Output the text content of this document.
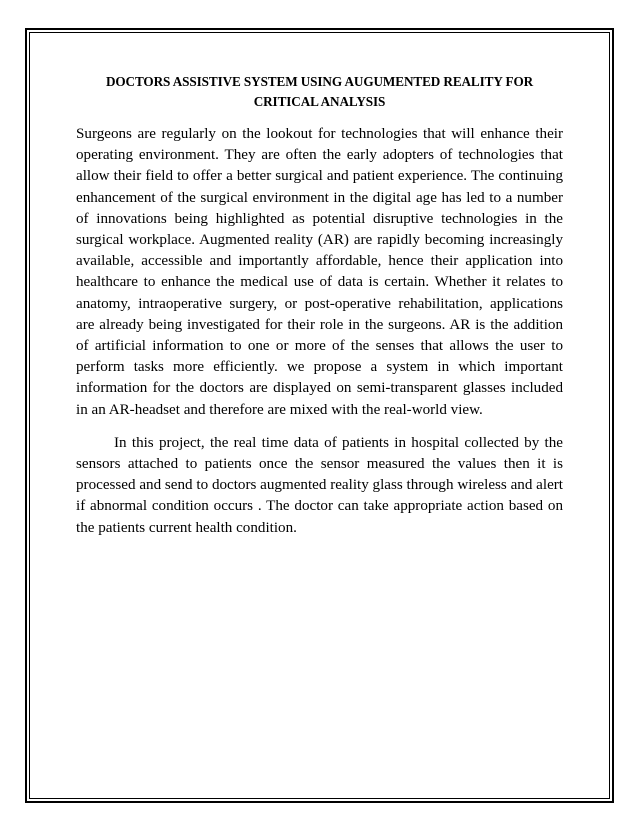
DOCTORS ASSISTIVE SYSTEM USING AUGUMENTED REALITY FOR CRITICAL ANALYSIS

Surgeons are regularly on the lookout for technologies that will enhance their operating environment. They are often the early adopters of technologies that allow their field to offer a better surgical and patient experience. The continuing enhancement of the surgical environment in the digital age has led to a number of innovations being highlighted as potential disruptive technologies in the surgical workplace. Augmented reality (AR) are rapidly becoming increasingly available, accessible and importantly affordable, hence their application into healthcare to enhance the medical use of data is certain. Whether it relates to anatomy, intraoperative surgery, or post-operative rehabilitation, applications are already being investigated for their role in the surgeons. AR is the addition of artificial information to one or more of the senses that allows the user to perform tasks more efficiently. we propose a system in which important information for the doctors are displayed on semi-transparent glasses included in an AR-headset and therefore are mixed with the real-world view.

In this project, the real time data of patients in hospital collected by the sensors attached to patients once the sensor measured the values then it is processed and send to doctors augmented reality glass through wireless and alert if abnormal condition occurs . The doctor can take appropriate action based on the patients current health condition.
